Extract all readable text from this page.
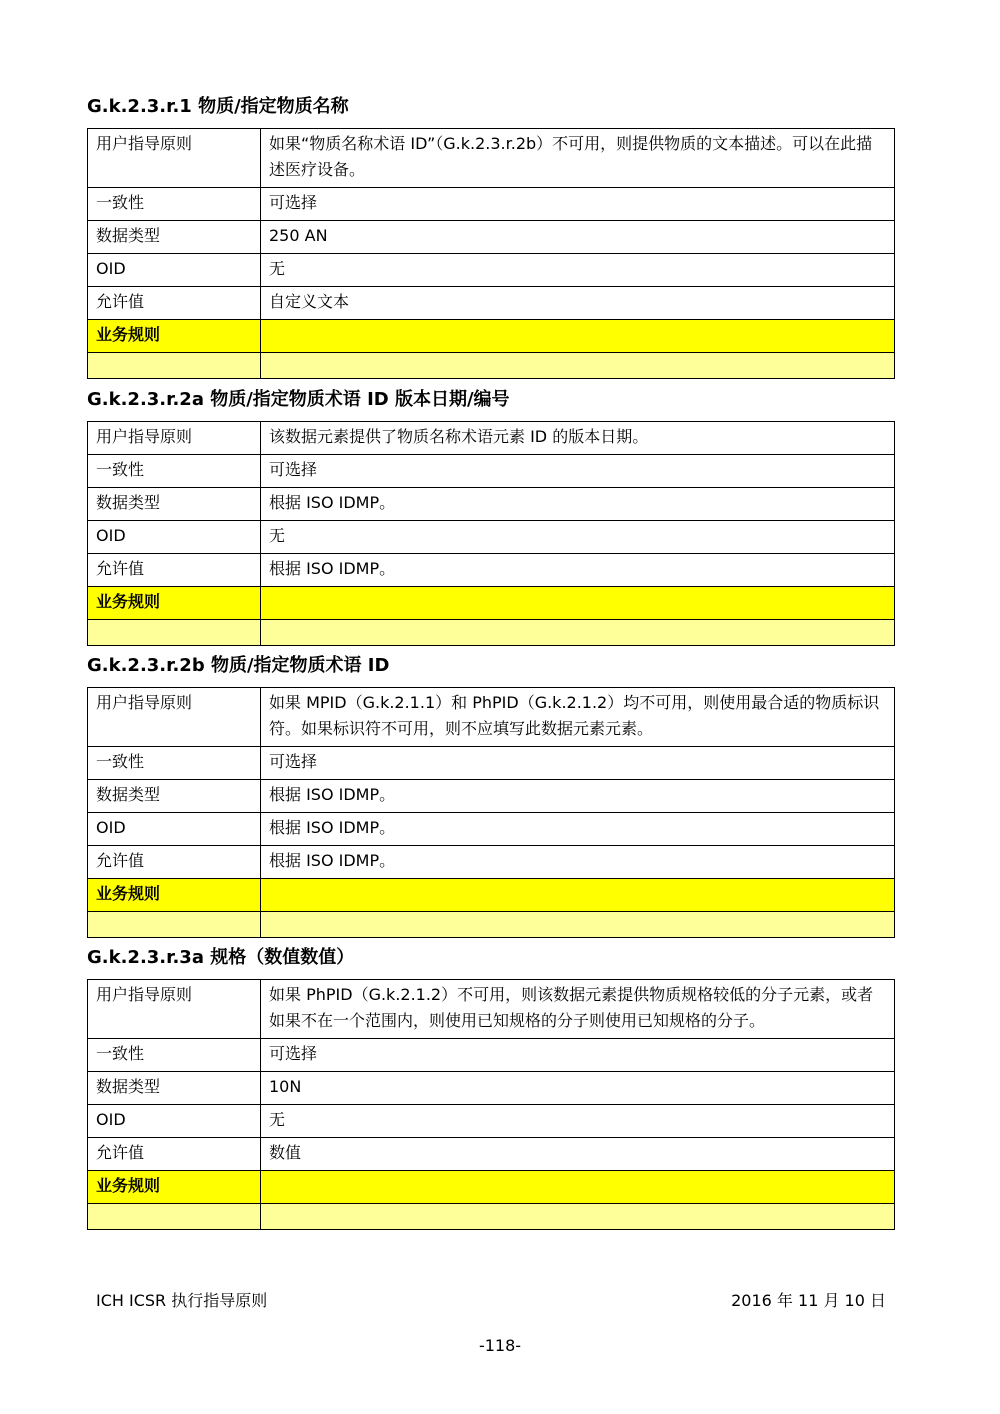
G.k.2.3.r.1 物质/指定物质名称
用户指导原则	如果“物质名称术语 ID”（G.k.2.3.r.2b）不可用，则提供物质的文本描述。可以在此描述医疗设备。
一致性	可选择
数据类型	250 AN
OID	无
允许值	自定义文本
业务规则	

G.k.2.3.r.2a 物质/指定物质术语 ID 版本日期/编号
用户指导原则	该数据元素提供了物质名称术语元素 ID 的版本日期。
一致性	可选择
数据类型	根据 ISO IDMP。
OID	无
允许值	根据 ISO IDMP。
业务规则	

G.k.2.3.r.2b 物质/指定物质术语 ID
用户指导原则	如果 MPID（G.k.2.1.1）和 PhPID（G.k.2.1.2）均不可用，则使用最合适的物质标识符。如果标识符不可用，则不应填写此数据元素元素。
一致性	可选择
数据类型	根据 ISO IDMP。
OID	根据 ISO IDMP。
允许值	根据 ISO IDMP。
业务规则	

G.k.2.3.r.3a 规格（数值数值）
用户指导原则	如果 PhPID（G.k.2.1.2）不可用，则该数据元素提供物质规格较低的分子元素，或者如果不在一个范围内，则使用已知规格的分子则使用已知规格的分子。
一致性	可选择
数据类型	10N
OID	无
允许值	数值
业务规则	

ICH ICSR 执行指导原则	2016 年 11 月 10 日
-118-
